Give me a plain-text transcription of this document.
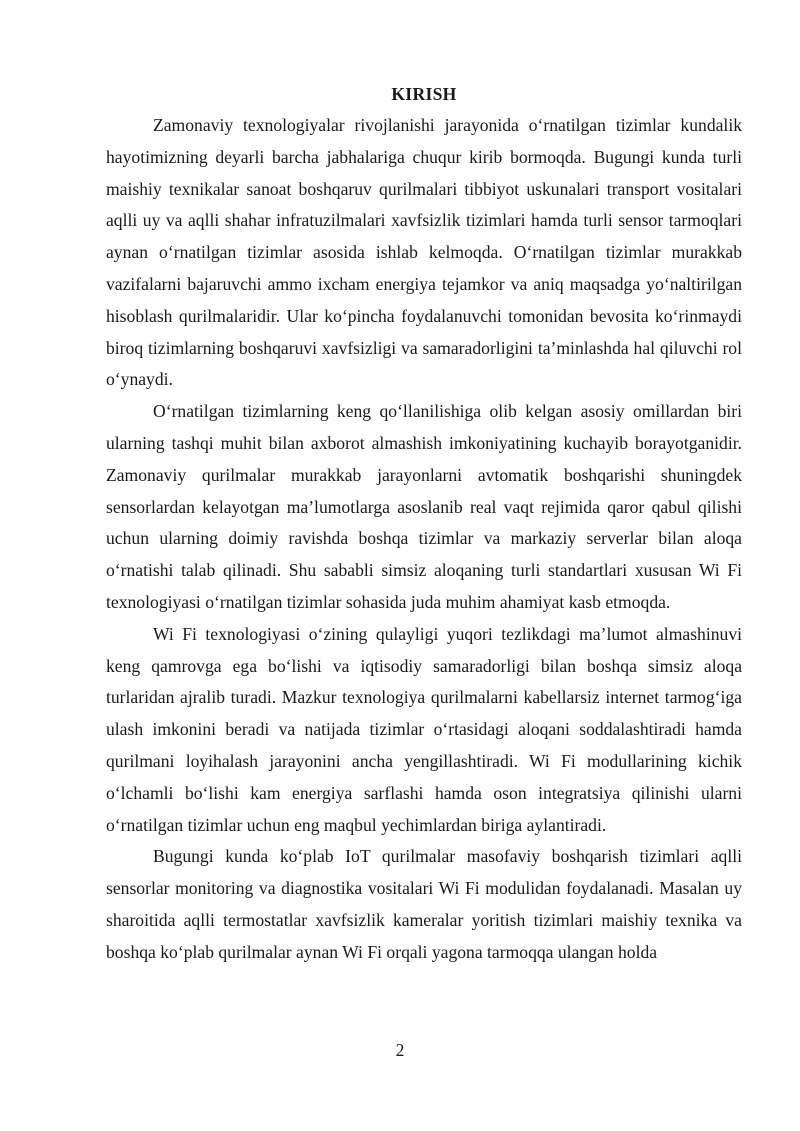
KIRISH

Zamonaviy texnologiyalar rivojlanishi jarayonida o‘rnatilgan tizimlar kundalik hayotimizning deyarli barcha jabhalariga chuqur kirib bormoqda. Bugungi kunda turli maishiy texnikalar sanoat boshqaruv qurilmalari tibbiyot uskunalari transport vositalari aqlli uy va aqlli shahar infratuzilmalari xavfsizlik tizimlari hamda turli sensor tarmoqlari aynan o‘rnatilgan tizimlar asosida ishlab kelmoqda. O‘rnatilgan tizimlar murakkab vazifalarni bajaruvchi ammo ixcham energiya tejamkor va aniq maqsadga yo‘naltirilgan hisoblash qurilmalaridir. Ular ko‘pincha foydalanuvchi tomonidan bevosita ko‘rinmaydi biroq tizimlarning boshqaruvi xavfsizligi va samaradorligini ta’minlashda hal qiluvchi rol o‘ynaydi.

O‘rnatilgan tizimlarning keng qo‘llanilishiga olib kelgan asosiy omillardan biri ularning tashqi muhit bilan axborot almashish imkoniyatining kuchayib borayotganidir. Zamonaviy qurilmalar murakkab jarayonlarni avtomatik boshqarishi shuningdek sensorlardan kelayotgan ma’lumotlarga asoslanib real vaqt rejimida qaror qabul qilishi uchun ularning doimiy ravishda boshqa tizimlar va markaziy serverlar bilan aloqa o‘rnatishi talab qilinadi. Shu sababli simsiz aloqaning turli standartlari xususan Wi Fi texnologiyasi o‘rnatilgan tizimlar sohasida juda muhim ahamiyat kasb etmoqda.

Wi Fi texnologiyasi o‘zining qulayligi yuqori tezlikdagi ma’lumot almashinuvi keng qamrovga ega bo‘lishi va iqtisodiy samaradorligi bilan boshqa simsiz aloqa turlaridan ajralib turadi. Mazkur texnologiya qurilmalarni kabellarsiz internet tarmog‘iga ulash imkonini beradi va natijada tizimlar o‘rtasidagi aloqani soddalashtiradi hamda qurilmani loyihalash jarayonini ancha yengillashtiradi. Wi Fi modullarining kichik o‘lchamli bo‘lishi kam energiya sarflashi hamda oson integratsiya qilinishi ularni o‘rnatilgan tizimlar uchun eng maqbul yechimlardan biriga aylantiradi.

Bugungi kunda ko‘plab IoT qurilmalar masofaviy boshqarish tizimlari aqlli sensorlar monitoring va diagnostika vositalari Wi Fi modulidan foydalanadi. Masalan uy sharoitida aqlli termostatlar xavfsizlik kameralar yoritish tizimlari maishiy texnika va boshqa ko‘plab qurilmalar aynan Wi Fi orqali yagona tarmoqqa ulangan holda

2
